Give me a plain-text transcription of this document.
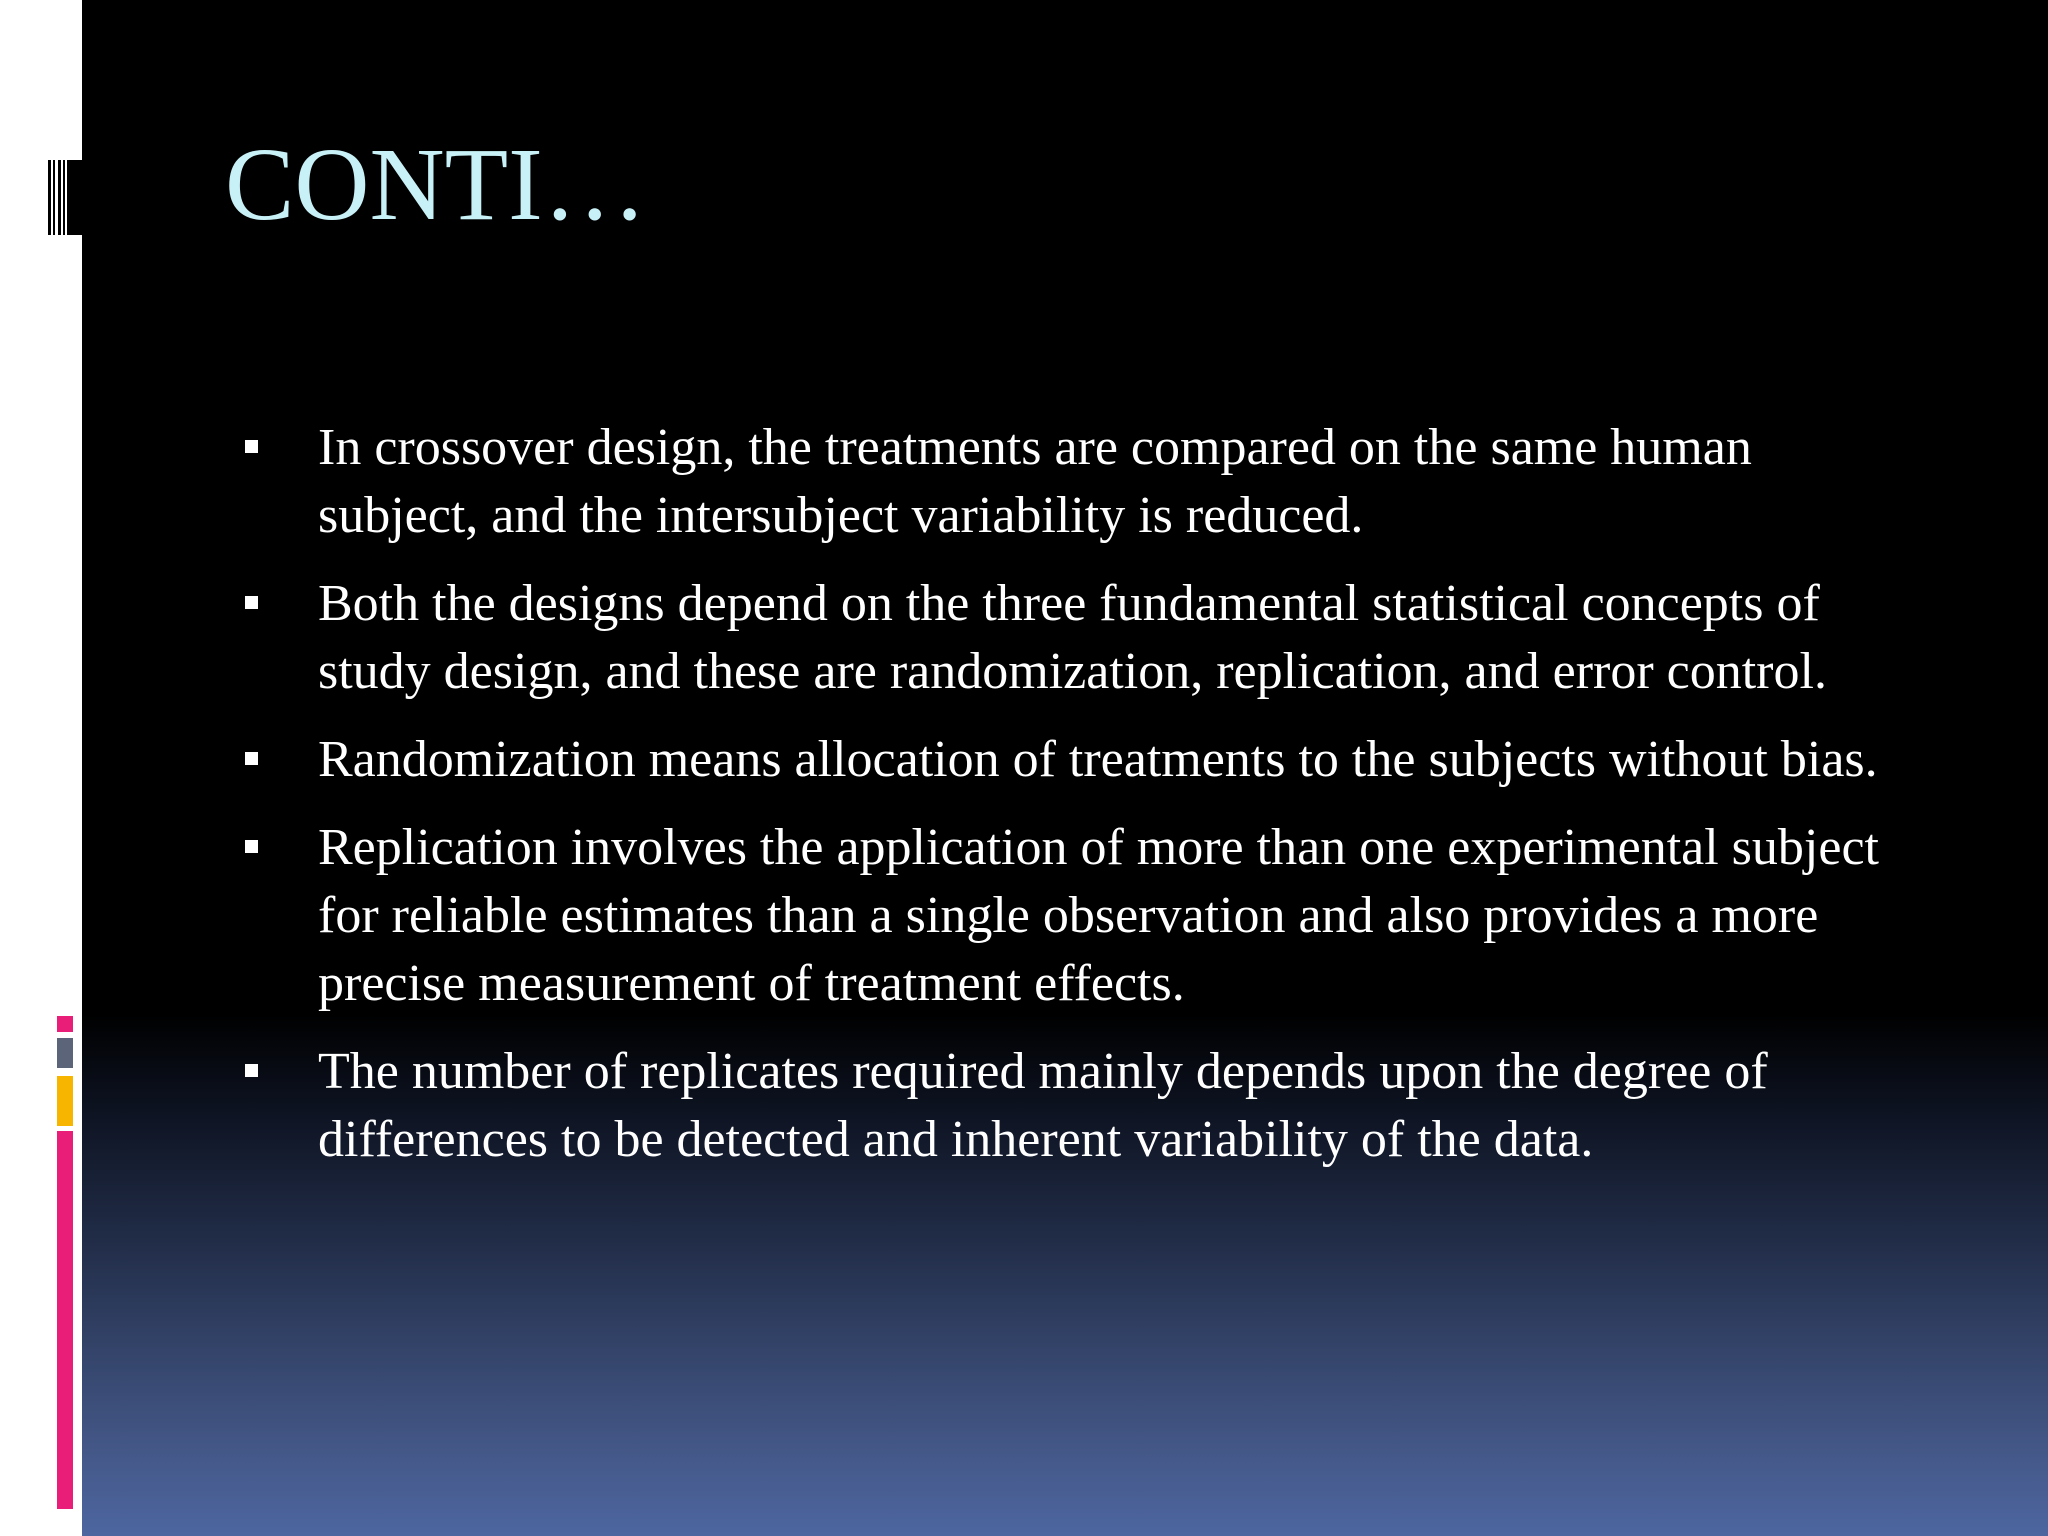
CONTI…
In crossover design, the treatments are compared on the same human subject, and the intersubject variability is reduced.
Both the designs depend on the three fundamental statistical concepts of study design, and these are randomization, replication, and error control.
Randomization means allocation of treatments to the subjects without bias.
Replication involves the application of more than one experimental subject for reliable estimates than a single observation and also provides a more precise measurement of treatment effects.
The number of replicates required mainly depends upon the degree of differences to be detected and inherent variability of the data.
